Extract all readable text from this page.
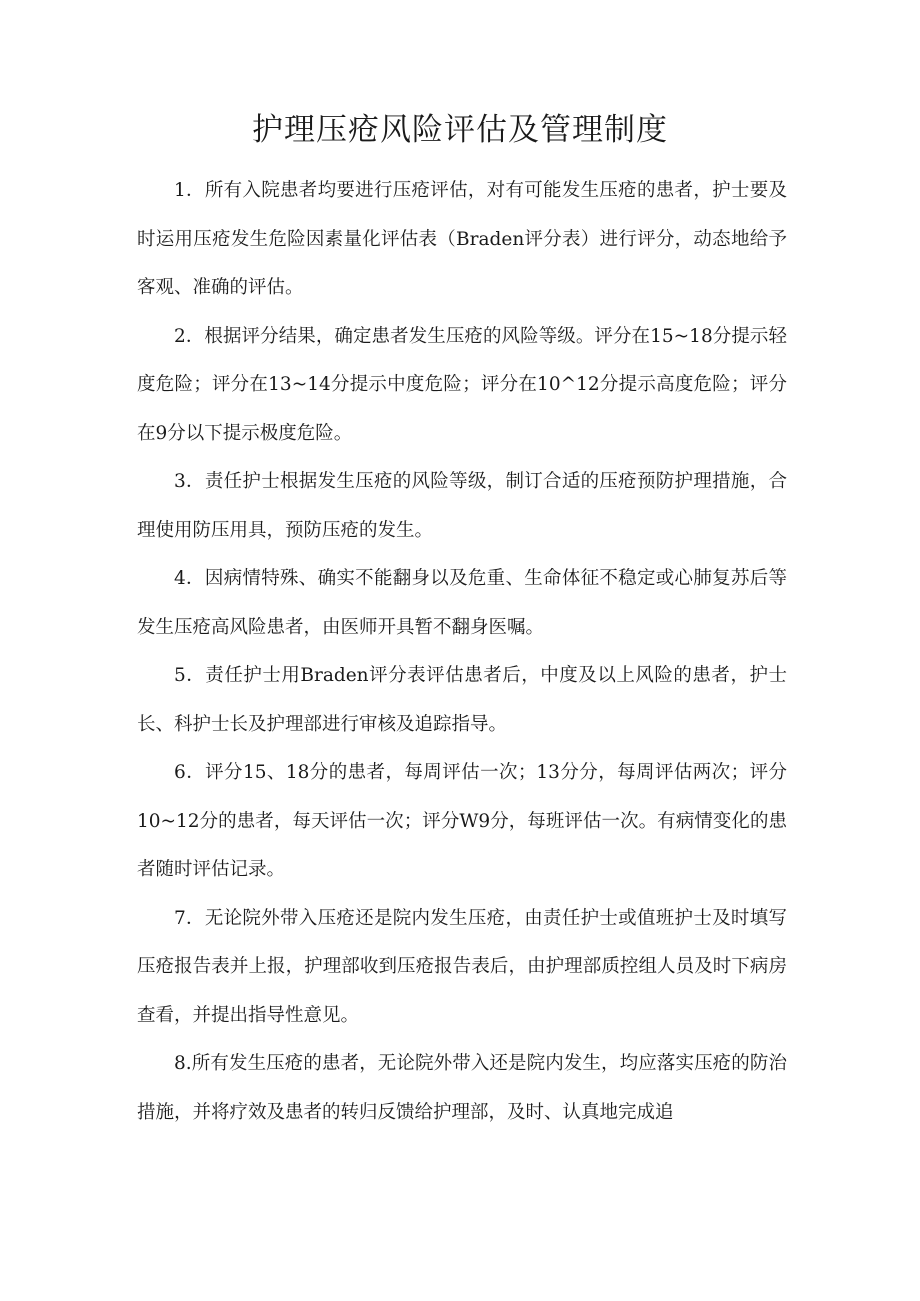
护理压疮风险评估及管理制度

1．所有入院患者均要进行压疮评估，对有可能发生压疮的患者，护士要及时运用压疮发生危险因素量化评估表（Braden评分表）进行评分，动态地给予客观、准确的评估。

2．根据评分结果，确定患者发生压疮的风险等级。评分在15~18分提示轻度危险；评分在13~14分提示中度危险；评分在10^12分提示高度危险；评分在9分以下提示极度危险。

3．责任护士根据发生压疮的风险等级，制订合适的压疮预防护理措施，合理使用防压用具，预防压疮的发生。

4．因病情特殊、确实不能翻身以及危重、生命体征不稳定或心肺复苏后等发生压疮高风险患者，由医师开具暂不翻身医嘱。

5．责任护士用Braden评分表评估患者后，中度及以上风险的患者，护士长、科护士长及护理部进行审核及追踪指导。

6．评分15、18分的患者，每周评估一次；13分分，每周评估两次；评分10~12分的患者，每天评估一次；评分W9分，每班评估一次。有病情变化的患者随时评估记录。

7．无论院外带入压疮还是院内发生压疮，由责任护士或值班护士及时填写压疮报告表并上报，护理部收到压疮报告表后，由护理部质控组人员及时下病房查看，并提出指导性意见。

8.所有发生压疮的患者，无论院外带入还是院内发生，均应落实压疮的防治措施，并将疗效及患者的转归反馈给护理部，及时、认真地完成追
